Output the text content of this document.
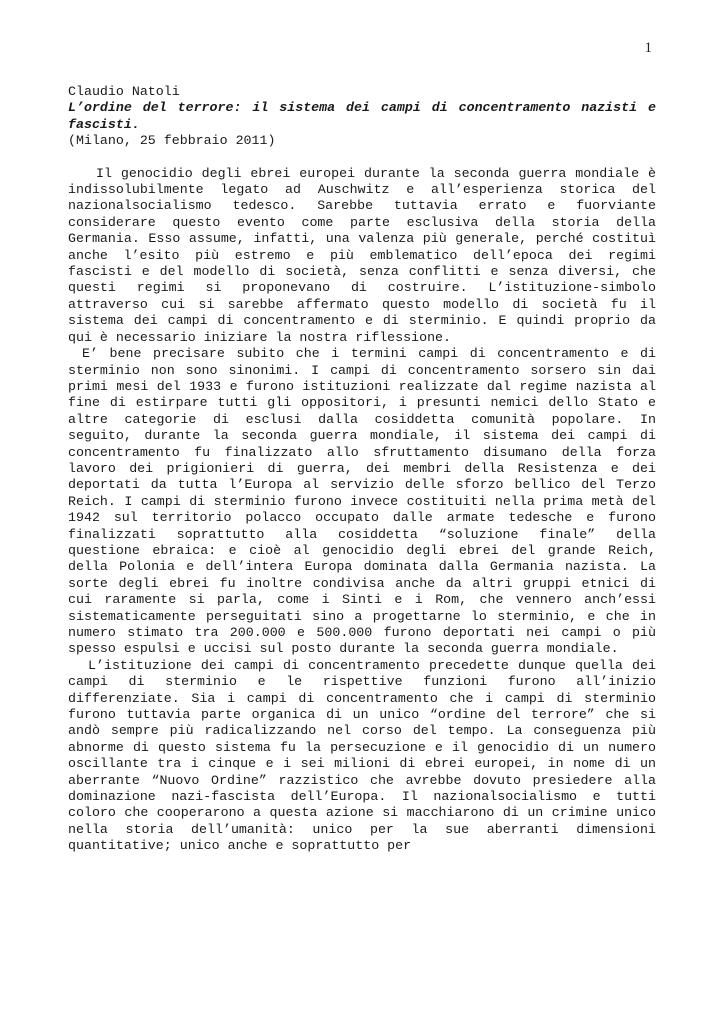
1
Claudio Natoli
L’ordine del terrore: il sistema dei campi di concentramento nazisti e fascisti.
(Milano, 25 febbraio 2011)

Il genocidio degli ebrei europei durante la seconda guerra mondiale è indissolubilmente legato ad Auschwitz e all’esperienza storica del nazionalsocialismo tedesco. Sarebbe tuttavia errato e fuorviante considerare questo evento come parte esclusiva della storia della Germania. Esso assume, infatti, una valenza più generale, perché costituì anche l’esito più estremo e più emblematico dell’epoca dei regimi fascisti e del modello di società, senza conflitti e senza diversi, che questi regimi si proponevano di costruire. L’istituzione-simbolo attraverso cui si sarebbe affermato questo modello di società fu il sistema dei campi di concentramento e di sterminio. E quindi proprio da qui è necessario iniziare la nostra riflessione.

E’ bene precisare subito che i termini campi di concentramento e di sterminio non sono sinonimi. I campi di concentramento sorsero sin dai primi mesi del 1933 e furono istituzioni realizzate dal regime nazista al fine di estirpare tutti gli oppositori, i presunti nemici dello Stato e altre categorie di esclusi dalla cosiddetta comunità popolare. In seguito, durante la seconda guerra mondiale, il sistema dei campi di concentramento fu finalizzato allo sfruttamento disumano della forza lavoro dei prigionieri di guerra, dei membri della Resistenza e dei deportati da tutta l’Europa al servizio delle sforzo bellico del Terzo Reich. I campi di sterminio furono invece costituiti nella prima metà del 1942 sul territorio polacco occupato dalle armate tedesche e furono finalizzati soprattutto alla cosiddetta “soluzione finale” della questione ebraica: e cioè al genocidio degli ebrei del grande Reich, della Polonia e dell’intera Europa dominata dalla Germania nazista. La sorte degli ebrei fu inoltre condivisa anche da altri gruppi etnici di cui raramente si parla, come i Sinti e i Rom, che vennero anch’essi sistematicamente perseguitati sino a progettarne lo sterminio, e che in numero stimato tra 200.000 e 500.000 furono deportati nei campi o più spesso espulsi e uccisi sul posto durante la seconda guerra mondiale.

L’istituzione dei campi di concentramento precedette dunque quella dei campi di sterminio e le rispettive funzioni furono all’inizio differenziate. Sia i campi di concentramento che i campi di sterminio furono tuttavia parte organica di un unico “ordine del terrore” che si andò sempre più radicalizzando nel corso del tempo. La conseguenza più abnorme di questo sistema fu la persecuzione e il genocidio di un numero oscillante tra i cinque e i sei milioni di ebrei europei, in nome di un aberrante “Nuovo Ordine” razzistico che avrebbe dovuto presiedere alla dominazione nazi-fascista dell’Europa. Il nazionalsocialismo e tutti coloro che cooperarono a questa azione si macchiarono di un crimine unico nella storia dell’umanità: unico per la sue aberranti dimensioni quantitative; unico anche e soprattutto per
